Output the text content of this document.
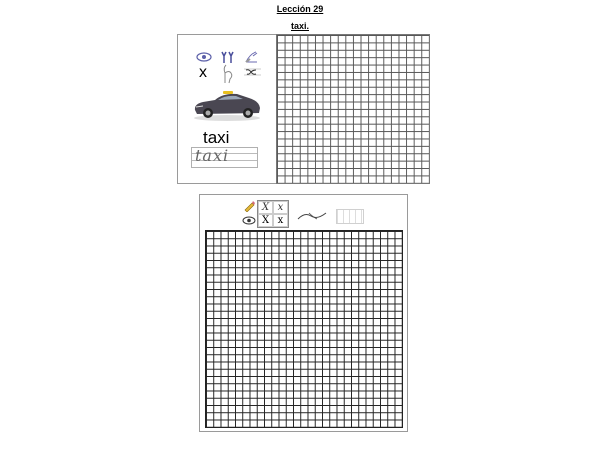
Lección 29
taxi.
x
taxi
taxi
X x
X x
